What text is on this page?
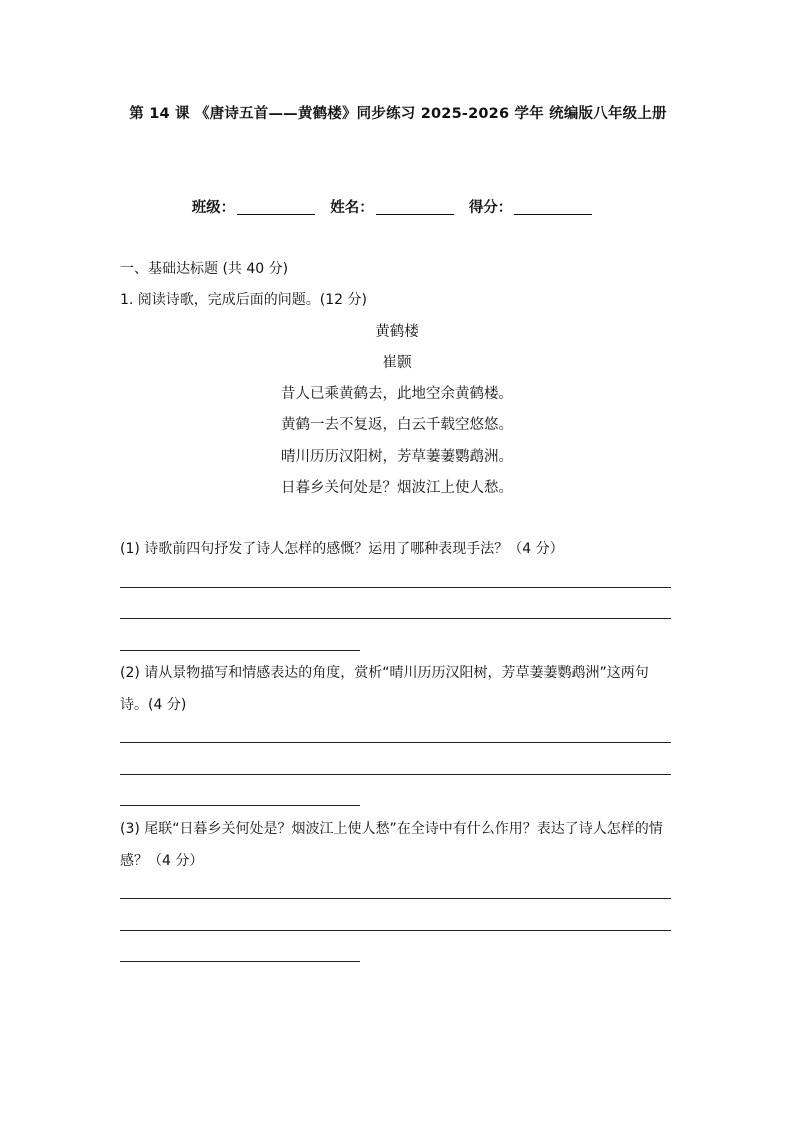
第 14 课 《唐诗五首——黄鹤楼》同步练习 2025-2026 学年 统编版八年级上册
班级：	姓名：	得分：
一、基础达标题 (共 40 分)
1. 阅读诗歌，完成后面的问题。(12 分)
黄鹤楼
崔颢
昔人已乘黄鹤去，此地空余黄鹤楼。
黄鹤一去不复返，白云千载空悠悠。
晴川历历汉阳树，芳草萋萋鹦鹉洲。
日暮乡关何处是？烟波江上使人愁。
(1) 诗歌前四句抒发了诗人怎样的感慨？运用了哪种表现手法？（4 分）
(2) 请从景物描写和情感表达的角度，赏析“晴川历历汉阳树，芳草萋萋鹦鹉洲”这两句诗。(4 分)
(3) 尾联“日暮乡关何处是？烟波江上使人愁”在全诗中有什么作用？表达了诗人怎样的情感？（4 分）
